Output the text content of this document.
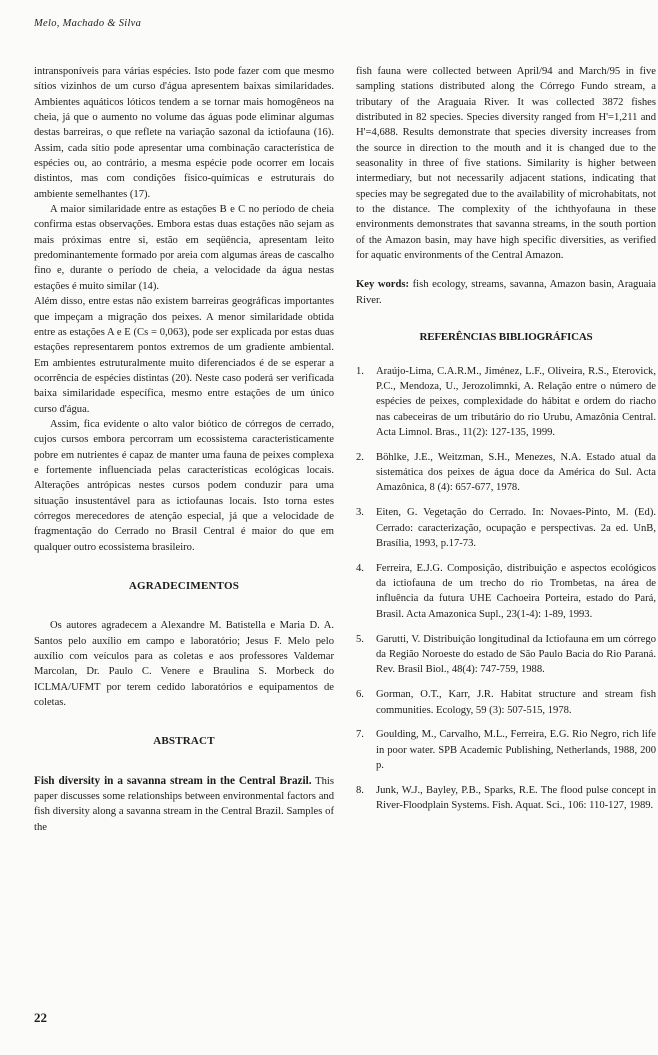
Melo, Machado & Silva

intransponíveis para várias espécies. Isto pode fazer com que mesmo sítios vizinhos de um curso d'água apresentem baixas similaridades. Ambientes aquáticos lóticos tendem a se tornar mais homogêneos na cheia, já que o aumento no volume das águas pode eliminar algumas destas barreiras, o que reflete na variação sazonal da ictiofauna (16). Assim, cada sítio pode apresentar uma combinação característica de espécies ou, ao contrário, a mesma espécie pode ocorrer em locais distintos, mas com condições físico-químicas e estruturais do ambiente semelhantes (17).

A maior similaridade entre as estações B e C no período de cheia confirma estas observações. Embora estas duas estações não sejam as mais próximas entre si, estão em seqüência, apresentam leito predominantemente formado por areia com algumas áreas de cascalho fino e, durante o período de cheia, a velocidade da água nestas estações é muito similar (14).

Além disso, entre estas não existem barreiras geográficas importantes que impeçam a migração dos peixes. A menor similaridade obtida entre as estações A e E (Cs = 0,063), pode ser explicada por estas duas estações representarem pontos extremos de um gradiente ambiental. Em ambientes estruturalmente muito diferenciados é de se esperar a ocorrência de espécies distintas (20). Neste caso poderá ser verificada baixa similaridade específica, mesmo entre estações de um único curso d'água.

Assim, fica evidente o alto valor biótico de córregos de cerrado, cujos cursos embora percorram um ecossistema caracteristicamente pobre em nutrientes é capaz de manter uma fauna de peixes complexa e fortemente influenciada pelas características ecológicas locais. Alterações antrópicas nestes cursos podem conduzir para uma situação insustentável para as ictiofaunas locais. Isto torna estes córregos merecedores de atenção especial, já que a velocidade de fragmentação do Cerrado no Brasil Central é maior do que em qualquer outro ecossistema brasileiro.

AGRADECIMENTOS

Os autores agradecem a Alexandre M. Batistella e Maria D. A. Santos pelo auxílio em campo e laboratório; Jesus F. Melo pelo auxílio com veículos para as coletas e aos professores Valdemar Marcolan, Dr. Paulo C. Venere e Braulina S. Morbeck do ICLMA/UFMT por terem cedido laboratórios e equipamentos de coletas.

ABSTRACT

Fish diversity in a savanna stream in the Central Brazil. This paper discusses some relationships between environmental factors and fish diversity along a savanna stream in the Central Brazil. Samples of the

fish fauna were collected between April/94 and March/95 in five sampling stations distributed along the Córrego Fundo stream, a tributary of the Araguaia River. It was collected 3872 fishes distributed in 82 species. Species diversity ranged from H'=1,211 and H'=4,688. Results demonstrate that species diversity increases from the source in direction to the mouth and it is changed due to the seasonality in three of five stations. Similarity is higher between intermediary, but not necessarily adjacent stations, indicating that species may be segregated due to the availability of microhabitats, not to the distance. The complexity of the ichthyofauna in these environments demonstrates that savanna streams, in the south portion of the Amazon basin, may have high specific diversities, as verified for aquatic environments of the Central Amazon.

Key words: fish ecology, streams, savanna, Amazon basin, Araguaia River.

REFERÊNCIAS BIBLIOGRÁFICAS
1.	Araújo-Lima, C.A.R.M., Jiménez, L.F., Oliveira, R.S., Eterovick, P.C., Mendoza, U., Jerozolimnki, A. Relação entre o número de espécies de peixes, complexidade do hábitat e ordem do riacho nas cabeceiras de um tributário do rio Urubu, Amazônia Central. Acta Limnol. Bras., 11(2): 127-135, 1999.
2.	Böhlke, J.E., Weitzman, S.H., Menezes, N.A. Estado atual da sistemática dos peixes de água doce da América do Sul. Acta Amazônica, 8 (4): 657-677, 1978.
3.	Eiten, G. Vegetação do Cerrado. In: Novaes-Pinto, M. (Ed). Cerrado: caracterização, ocupação e perspectivas. 2a ed. UnB, Brasília, 1993, p.17-73.
4.	Ferreira, E.J.G. Composição, distribuição e aspectos ecológicos da ictiofauna de um trecho do rio Trombetas, na área de influência da futura UHE Cachoeira Porteira, estado do Pará, Brasil. Acta Amazonica Supl., 23(1-4): 1-89, 1993.
5.	Garutti, V. Distribuição longitudinal da Ictiofauna em um córrego da Região Noroeste do estado de São Paulo Bacia do Rio Paraná. Rev. Brasil Biol., 48(4): 747-759, 1988.
6.	Gorman, O.T., Karr, J.R. Habitat structure and stream fish communities. Ecology, 59 (3): 507-515, 1978.
7.	Goulding, M., Carvalho, M.L., Ferreira, E.G. Rio Negro, rich life in poor water. SPB Academic Publishing, Netherlands, 1988, 200 p.
8.	Junk, W.J., Bayley, P.B., Sparks, R.E. The flood pulse concept in River-Floodplain Systems. Fish. Aquat. Sci., 106: 110-127, 1989.
22
